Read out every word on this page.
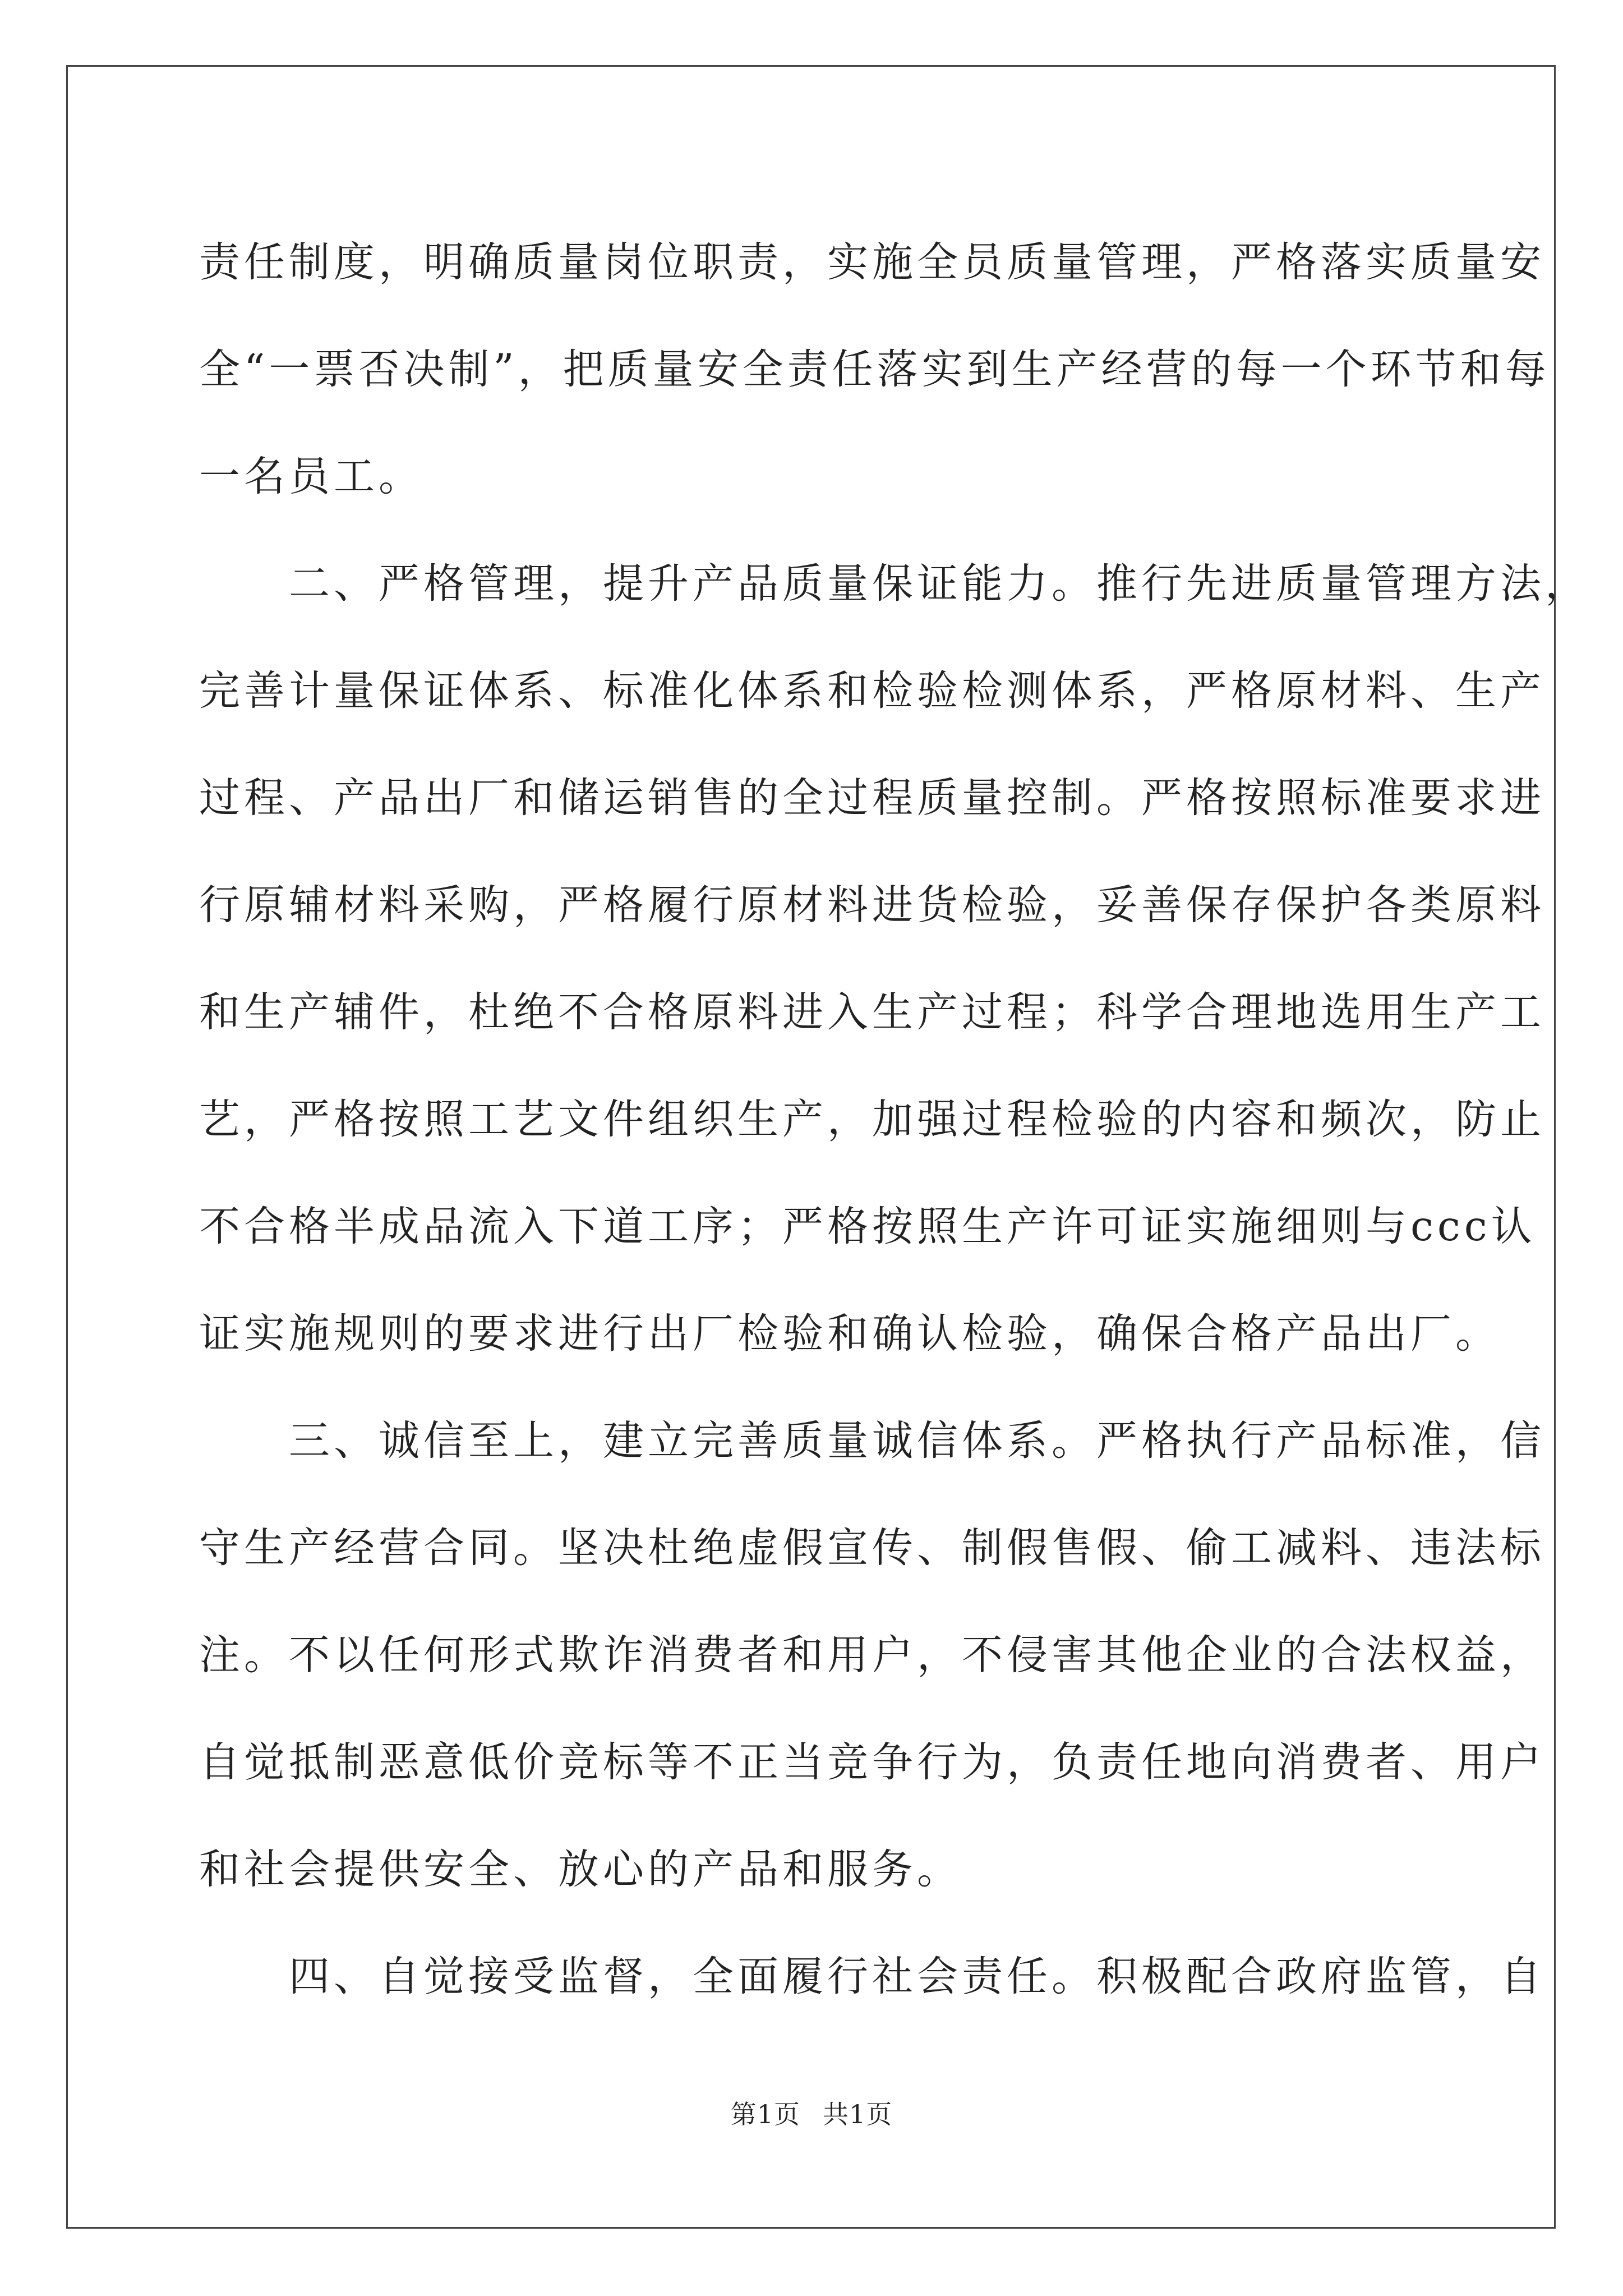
责任制度，明确质量岗位职责，实施全员质量管理，严格落实质量安
全“一票否决制”，把质量安全责任落实到生产经营的每一个环节和每
一名员工。
　　二、严格管理，提升产品质量保证能力。推行先进质量管理方法，
完善计量保证体系、标准化体系和检验检测体系，严格原材料、生产
过程、产品出厂和储运销售的全过程质量控制。严格按照标准要求进
行原辅材料采购，严格履行原材料进货检验，妥善保存保护各类原料
和生产辅件，杜绝不合格原料进入生产过程；科学合理地选用生产工
艺，严格按照工艺文件组织生产，加强过程检验的内容和频次，防止
不合格半成品流入下道工序；严格按照生产许可证实施细则与ccc认
证实施规则的要求进行出厂检验和确认检验，确保合格产品出厂。
　　三、诚信至上，建立完善质量诚信体系。严格执行产品标准，信
守生产经营合同。坚决杜绝虚假宣传、制假售假、偷工减料、违法标
注。不以任何形式欺诈消费者和用户，不侵害其他企业的合法权益，
自觉抵制恶意低价竞标等不正当竞争行为，负责任地向消费者、用户
和社会提供安全、放心的产品和服务。
　　四、自觉接受监督，全面履行社会责任。积极配合政府监管，自
第1页 共1页
